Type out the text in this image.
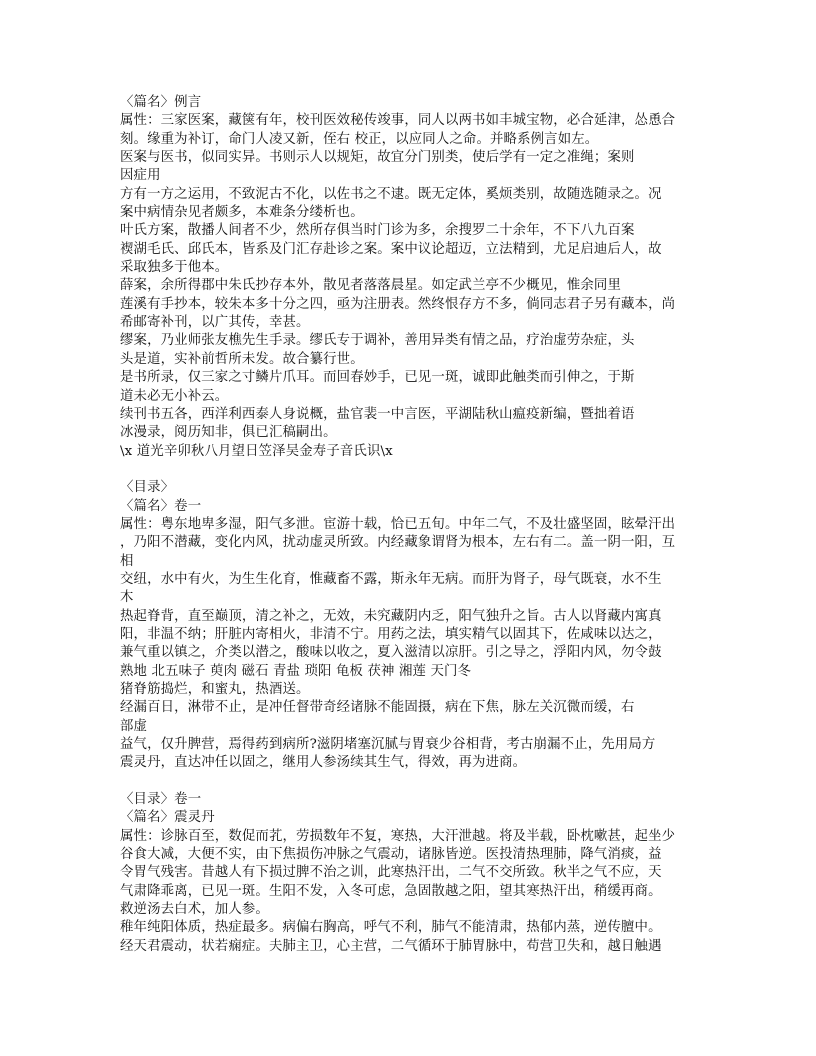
〈篇名〉例言
属性：三家医案，藏箧有年，校刊医效秘传竣事，同人以两书如丰城宝物，必合延津，怂恿合
刻。缘重为补订，命门人凌又新，侄右 校正，以应同人之命。并略系例言如左。
医案与医书，似同实异。书则示人以规矩，故宜分门别类，使后学有一定之准绳；案则
因症用
方有一方之运用，不致泥古不化，以佐书之不逮。既无定体，奚烦类别，故随选随录之。况
案中病情杂见者颇多，本难条分缕析也。
叶氏方案，散播人间者不少，然所存俱当时门诊为多，余搜罗二十余年，不下八九百案
褉湖毛氏、邱氏本，皆系及门汇存赴诊之案。案中议论超迈，立法精到，尤足启迪后人，故
采取独多于他本。
薛案，余所得郡中朱氏抄存本外，散见者落落晨星。如定武兰亭不少概见，惟余同里
莲溪有手抄本，较朱本多十分之四，亟为注册表。然终恨存方不多，倘同志君子另有藏本，尚
希邮寄补刊，以广其传，幸甚。
缪案，乃业师张友樵先生手录。缪氏专于调补，善用异类有情之品，疗治虚劳杂症，头
头是道，实补前哲所未发。故合纂行世。
是书所录，仅三家之寸鳞片爪耳。而回春妙手，已见一斑，诚即此触类而引伸之，于斯
道未必无小补云。
续刊书五各，西洋利西泰人身说概，盐官裴一中言医，平湖陆秋山瘟疫新编，暨拙着语
冰漫录，阅历知非，俱已汇稿嗣出。
\x 道光辛卯秋八月望日笠泽吴金寿子音氏识\x
〈目录〉
〈篇名〉卷一
属性：粤东地卑多湿，阳气多泄。宦游十载，恰已五旬。中年二气，不及壮盛坚固，眩晕汗出
，乃阳不潜藏，变化内风，扰动虚灵所致。内经藏象谓肾为根本，左右有二。盖一阴一阳，互
相
交纽，水中有火，为生生化育，惟藏畜不露，斯永年无病。而肝为肾子，母气既衰，水不生
木
热起脊背，直至巅顶，清之补之，无效，未究藏阴内乏，阳气独升之旨。古人以肾藏内寓真
阳，非温不纳；肝脏内寄相火，非清不宁。用药之法，填实精气以固其下，佐咸味以达之，
兼气重以镇之，介类以潜之，酸味以收之，夏入滋清以凉肝。引之导之，浮阳内风，勿令鼓
熟地 北五味子 萸肉 磁石 青盐 琐阳 龟板 茯神 湘莲 天门冬
猪脊筋捣烂，和蜜丸，热酒送。
经漏百日，淋带不止，是冲任督带奇经诸脉不能固摄，病在下焦，脉左关沉微而缓，右
部虚
益气，仅升脾营，焉得药到病所?滋阴堵塞沉腻与胃衰少谷相背，考古崩漏不止，先用局方
震灵丹，直达冲任以固之，继用人参汤续其生气，得效，再为进商。
〈目录〉卷一
〈篇名〉震灵丹
属性：诊脉百至，数促而芤，劳损数年不复，寒热，大汗泄越。将及半载，卧枕嗽甚，起坐少
谷食大减，大便不实，由下焦损伤冲脉之气震动，诸脉皆逆。医投清热理肺，降气消痰，益
令胃气残害。昔越人有下损过脾不治之训，此寒热汗出，二气不交所致。秋半之气不应，天
气肃降乖离，已见一斑。生阳不发，入冬可虑，急固散越之阳，望其寒热汗出，稍缓再商。
救逆汤去白术，加人参。
稚年纯阳体质，热症最多。病偏右胸高，呼气不利，肺气不能清肃，热郁内蒸，逆传膻中。
经天君震动，状若痫症。夫肺主卫，心主营，二气循环于肺胃脉中，苟营卫失和，越日触遇
